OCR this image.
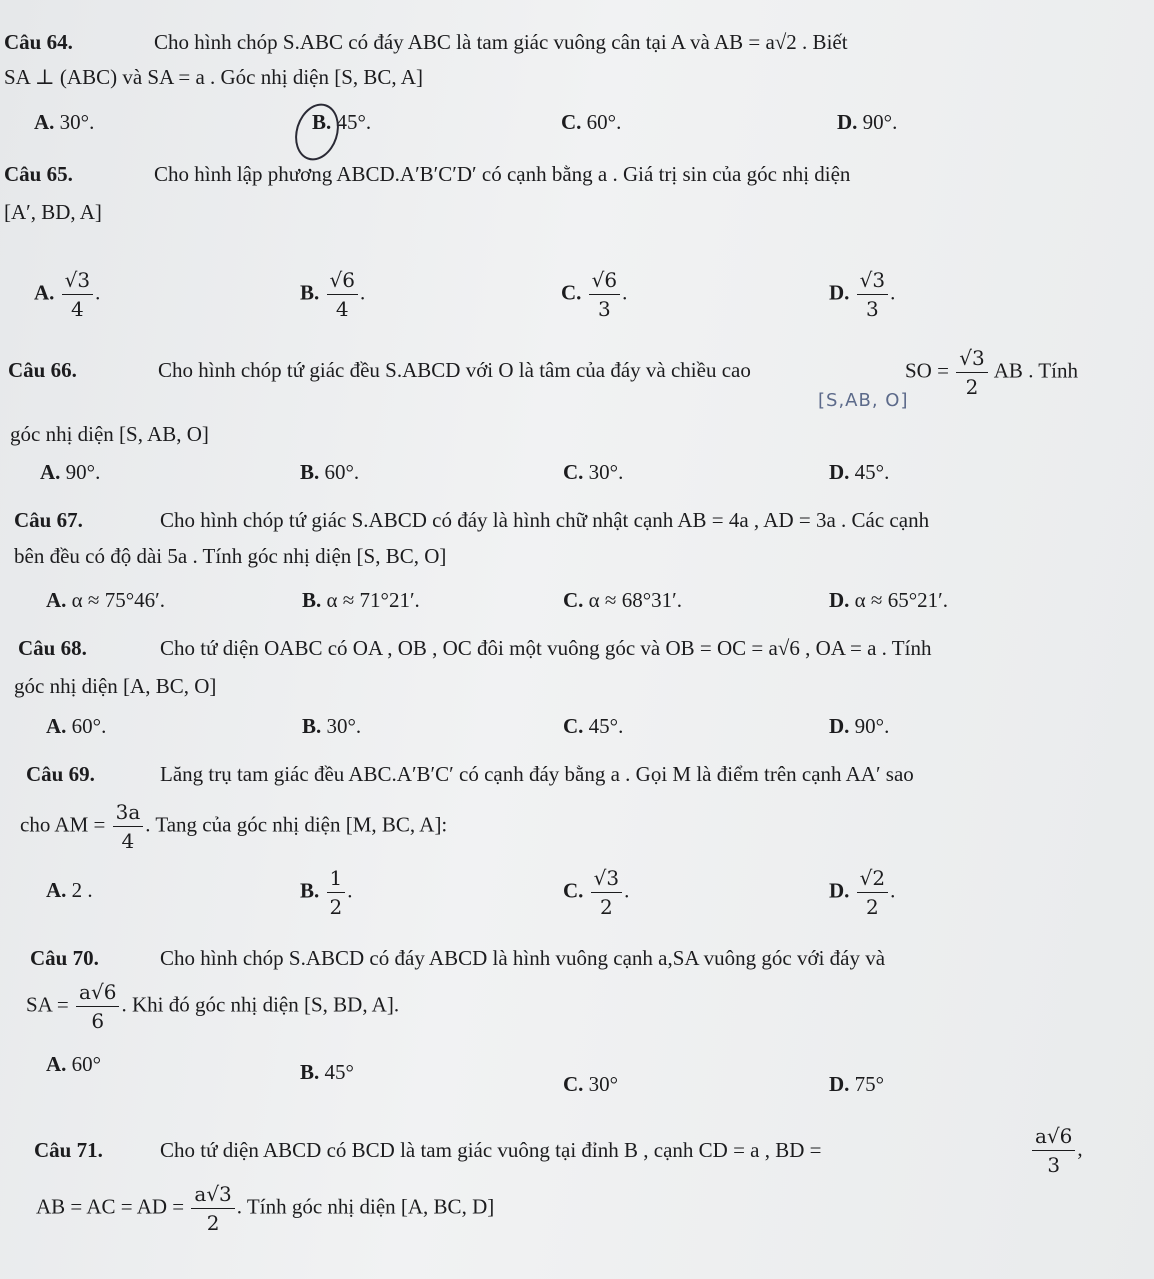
Câu 64.	Cho hình chóp S.ABC có đáy ABC là tam giác vuông cân tại A và AB = a√2 . Biết
SA ⊥ (ABC) và SA = a . Góc nhị diện [S, BC, A]
A. 30°.	B. 45°.	C. 60°.	D. 90°.
Câu 65.	Cho hình lập phương ABCD.A′B′C′D′ có cạnh bằng a . Giá trị sin của góc nhị diện
[A′, BD, A]
A. $\frac{√3}{4}$ .	B. $\frac{√6}{4}$ .	C. $\frac{√6}{3}$ .	D. $\frac{√3}{3}$ .
Câu 66.	Cho hình chóp tứ giác đều S.ABCD với O là tâm của đáy và chiều cao	SO = $\frac{√3}{2}$ AB . Tính
[S,AB, O]
góc nhị diện [S, AB, O]
A. 90°.	B. 60°.	C. 30°.	D. 45°.
Câu 67.	Cho hình chóp tứ giác S.ABCD có đáy là hình chữ nhật cạnh AB = 4a , AD = 3a . Các cạnh
bên đều có độ dài 5a . Tính góc nhị diện [S, BC, O]
A. α ≈ 75°46′.	B. α ≈ 71°21′.	C. α ≈ 68°31′.	D. α ≈ 65°21′.
Câu 68.	Cho tứ diện OABC có OA , OB , OC đôi một vuông góc và OB = OC = a√6 , OA = a . Tính
góc nhị diện [A, BC, O]
A. 60°.	B. 30°.	C. 45°.	D. 90°.
Câu 69.	Lăng trụ tam giác đều ABC.A′B′C′ có cạnh đáy bằng a . Gọi M là điểm trên cạnh AA′ sao
cho AM = $\frac{3a}{4}$ . Tang của góc nhị diện [M, BC, A]:
A. 2 .	B. $\frac{1}{2}$ .	C. $\frac{√3}{2}$ .	D. $\frac{√2}{2}$ .
Câu 70.	Cho hình chóp S.ABCD có đáy ABCD là hình vuông cạnh a,SA vuông góc với đáy và
SA = $\frac{a√6}{6}$ . Khi đó góc nhị diện [S, BD, A].
A. 60°	B. 45°	C. 30°	D. 75°
Câu 71.	Cho tứ diện ABCD có BCD là tam giác vuông tại đỉnh B , cạnh CD = a , BD =	$\frac{a√6}{3}$ ,
AB = AC = AD = $\frac{a√3}{2}$ . Tính góc nhị diện [A, BC, D]
